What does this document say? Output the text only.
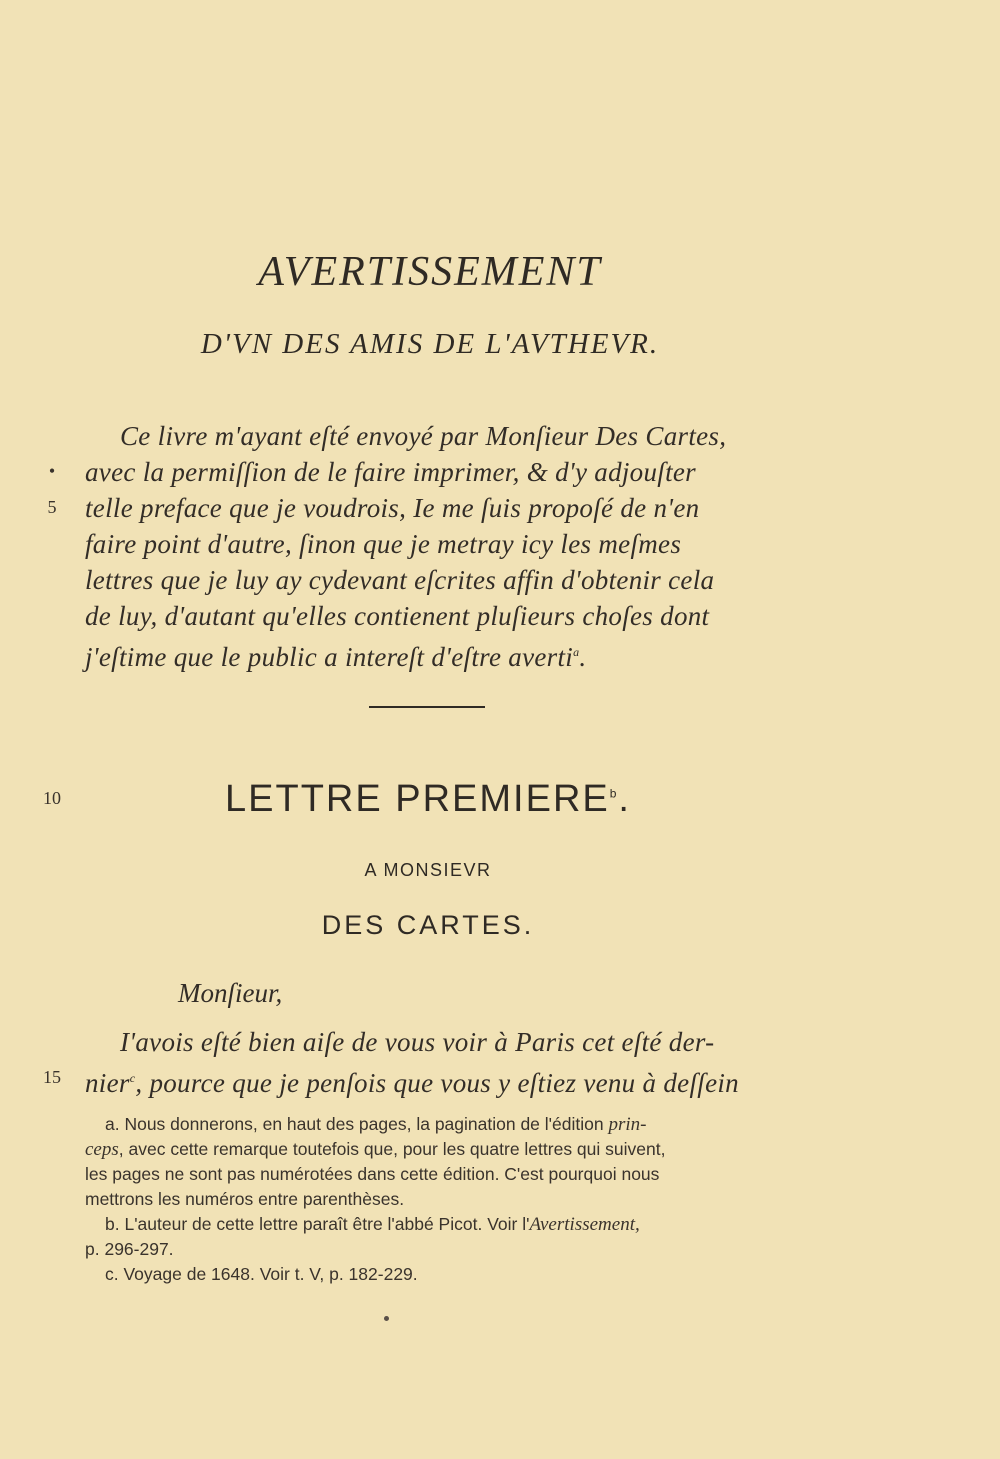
AVERTISSEMENT
D'VN DES AMIS DE L'AVTHEVR.
Ce livre m'ayant eſté envoyé par Monſieur Des Cartes,
avec la permiſſion de le faire imprimer, & d'y adjouſter
telle preface que je voudrois, Ie me ſuis propoſé de n'en
faire point d'autre, ſinon que je metray icy les meſmes
lettres que je luy ay cydevant eſcrites affin d'obtenir cela
de luy, d'autant qu'elles contienent pluſieurs choſes dont
j'eſtime que le public a intereſt d'eſtre averti$^a$.
•
5
10	LETTRE PREMIERE$^b$.
A MONSIEVR
DES CARTES.
Monſieur,
I'avois eſté bien aiſe de vous voir à Paris cet eſté der-
nier$^c$, pource que je penſois que vous y eſtiez venu à deſſein
15
a. Nous donnerons, en haut des pages, la pagination de l'édition prin-
ceps, avec cette remarque toutefois que, pour les quatre lettres qui suivent,
les pages ne sont pas numérotées dans cette édition. C'est pourquoi nous
mettrons les numéros entre parenthèses.
b. L'auteur de cette lettre paraît être l'abbé Picot. Voir l'Avertissement,
p. 296-297.
c. Voyage de 1648. Voir t. V, p. 182-229.
